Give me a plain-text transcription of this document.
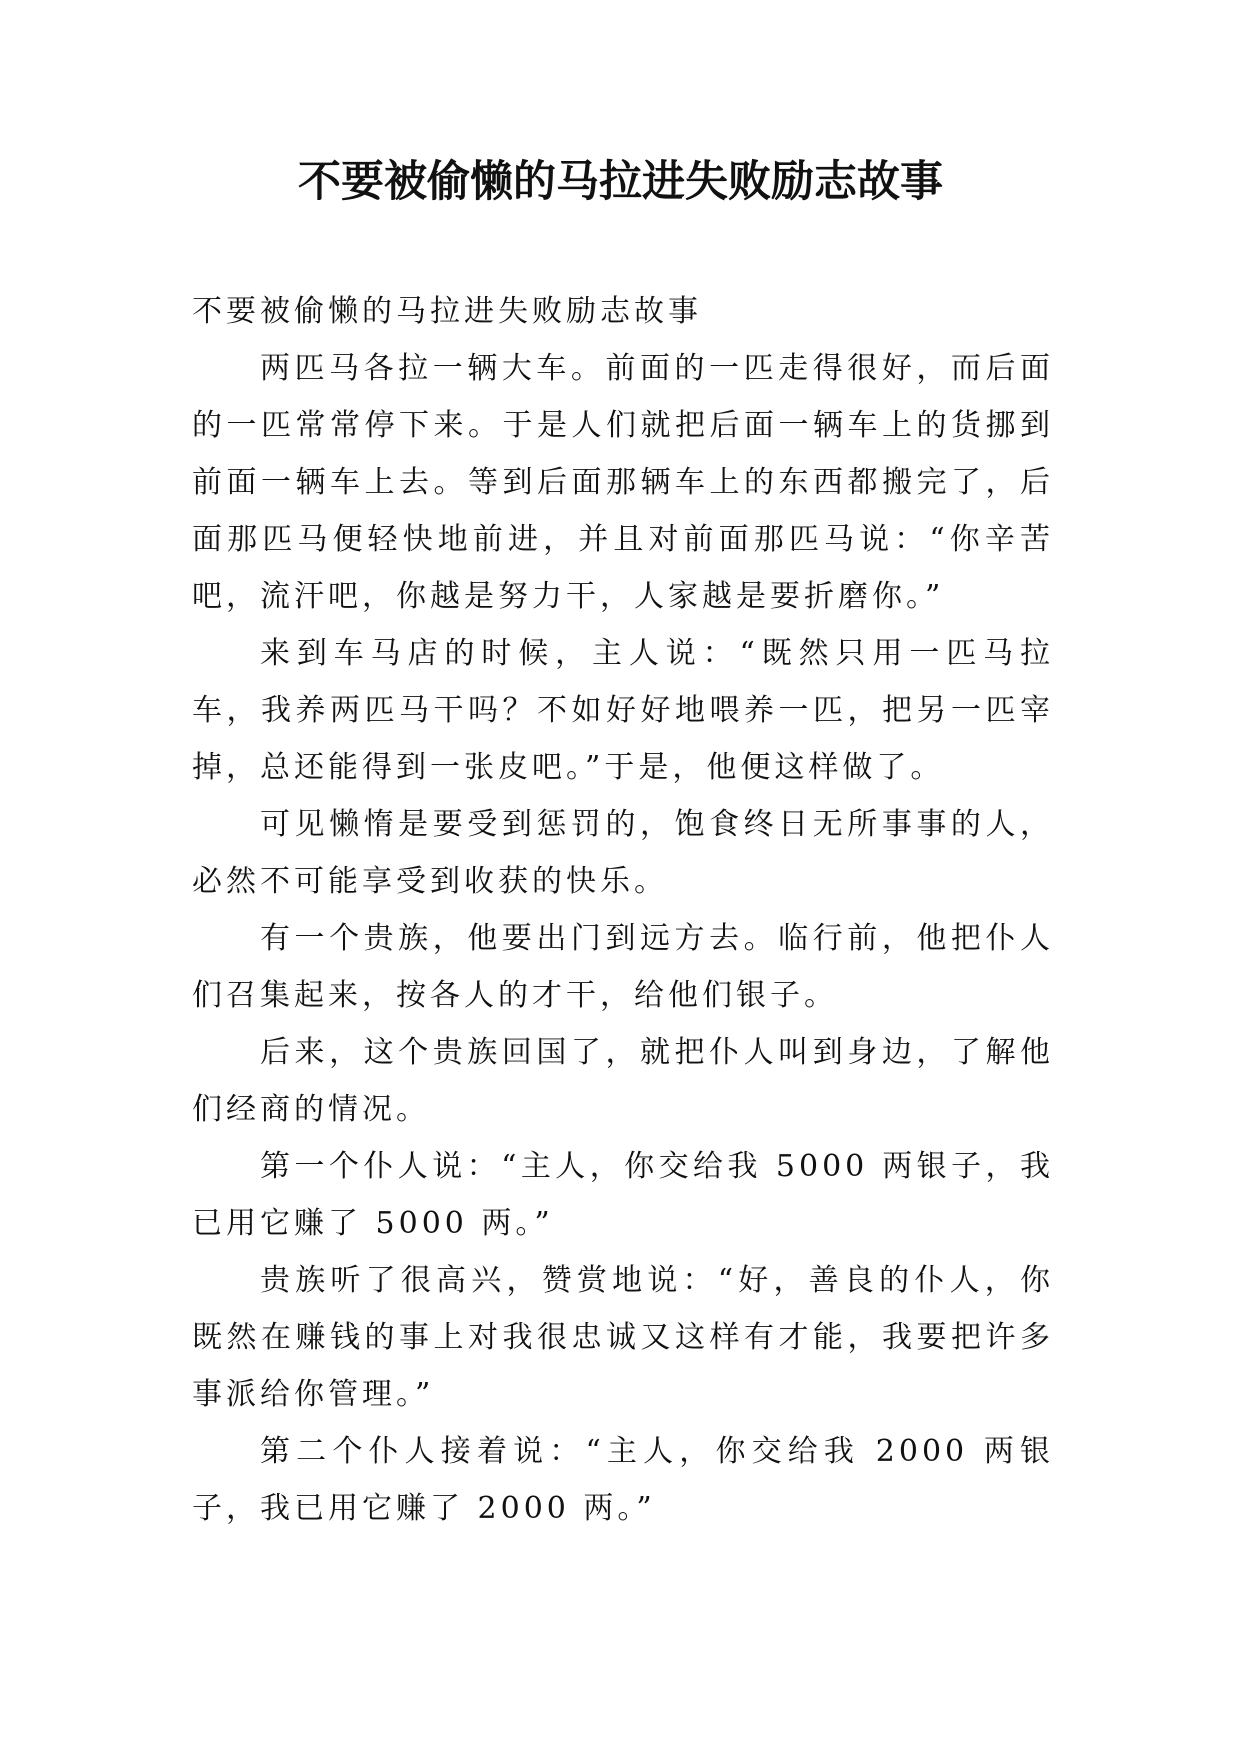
不要被偷懒的马拉进失败励志故事

不要被偷懒的马拉进失败励志故事

两匹马各拉一辆大车。前面的一匹走得很好，而后面的一匹常常停下来。于是人们就把后面一辆车上的货挪到前面一辆车上去。等到后面那辆车上的东西都搬完了，后面那匹马便轻快地前进，并且对前面那匹马说：“你辛苦吧，流汗吧，你越是努力干，人家越是要折磨你。”

来到车马店的时候，主人说：“既然只用一匹马拉车，我养两匹马干吗？不如好好地喂养一匹，把另一匹宰掉，总还能得到一张皮吧。”于是，他便这样做了。

可见懒惰是要受到惩罚的，饱食终日无所事事的人，必然不可能享受到收获的快乐。

有一个贵族，他要出门到远方去。临行前，他把仆人们召集起来，按各人的才干，给他们银子。

后来，这个贵族回国了，就把仆人叫到身边，了解他们经商的情况。

第一个仆人说：“主人，你交给我 5000 两银子，我已用它赚了 5000 两。”

贵族听了很高兴，赞赏地说：“好，善良的仆人，你既然在赚钱的事上对我很忠诚又这样有才能，我要把许多事派给你管理。”

第二个仆人接着说：“主人，你交给我 2000 两银子，我已用它赚了 2000 两。”
